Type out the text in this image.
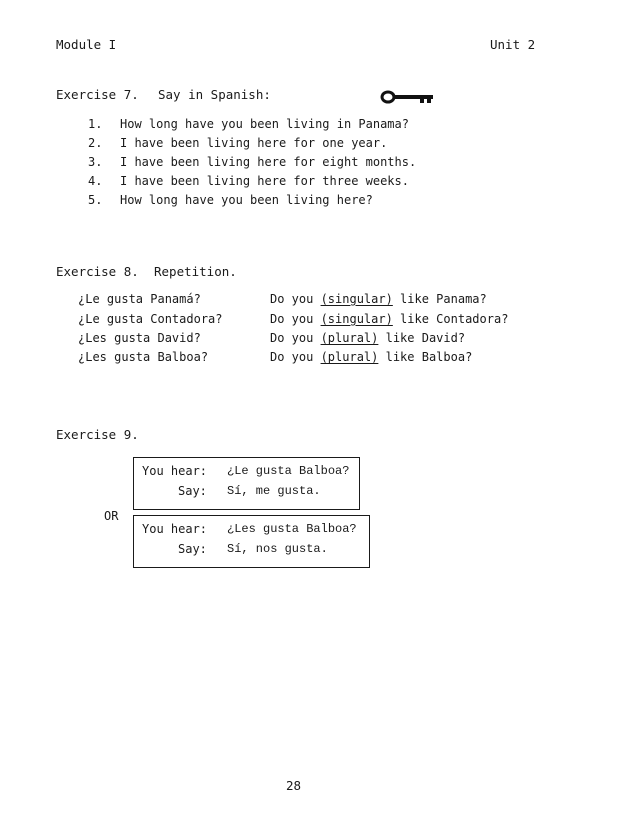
Module I	Unit 2
Exercise 7. Say in Spanish:
1. How long have you been living in Panama?
2. I have been living here for one year.
3. I have been living here for eight months.
4. I have been living here for three weeks.
5. How long have you been living here?
Exercise 8. Repetition.
¿Le gusta Panamá?	Do you (singular) like Panama?
¿Le gusta Contadora?	Do you (singular) like Contadora?
¿Les gusta David?	Do you (plural) like David?
¿Les gusta Balboa?	Do you (plural) like Balboa?
Exercise 9.
You hear: ¿Le gusta Balboa?
Say: Sí, me gusta.
OR
You hear: ¿Les gusta Balboa?
Say: Sí, nos gusta.
28
